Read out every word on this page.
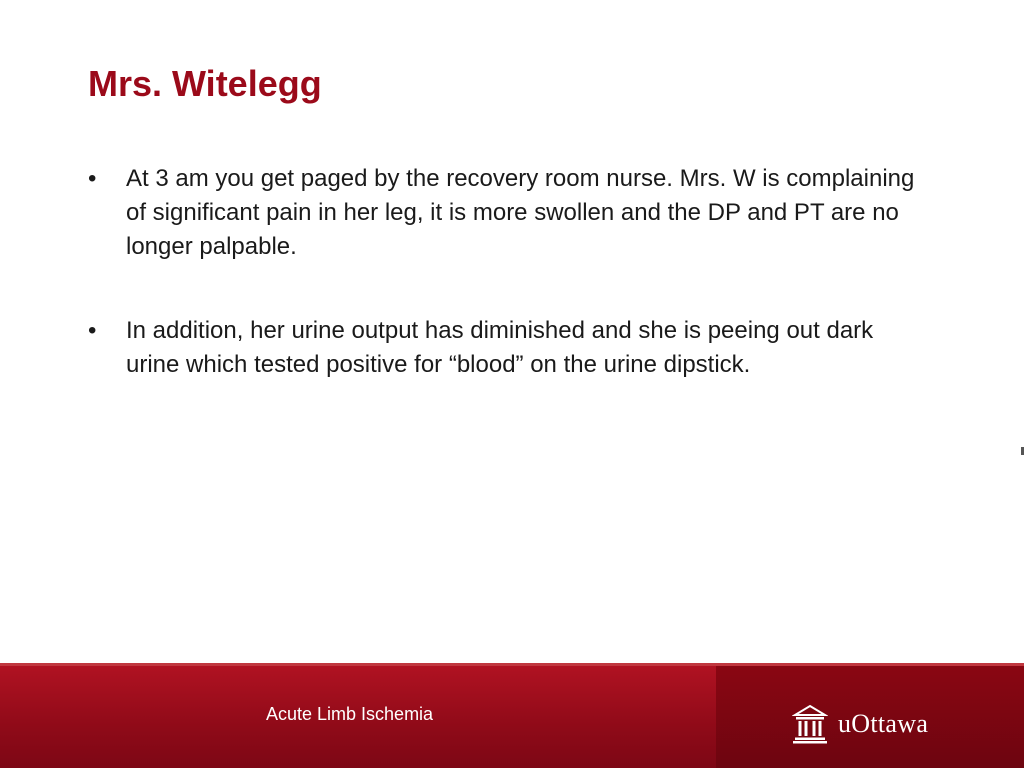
Mrs. Witelegg
•	At 3 am you get paged by the recovery room nurse. Mrs. W is complaining of significant pain in her leg, it is more swollen and the DP and PT are no longer palpable.
•	In addition, her urine output has diminished and she is peeing out dark urine which tested positive for “blood” on the urine dipstick.
Acute Limb Ischemia	uOttawa
